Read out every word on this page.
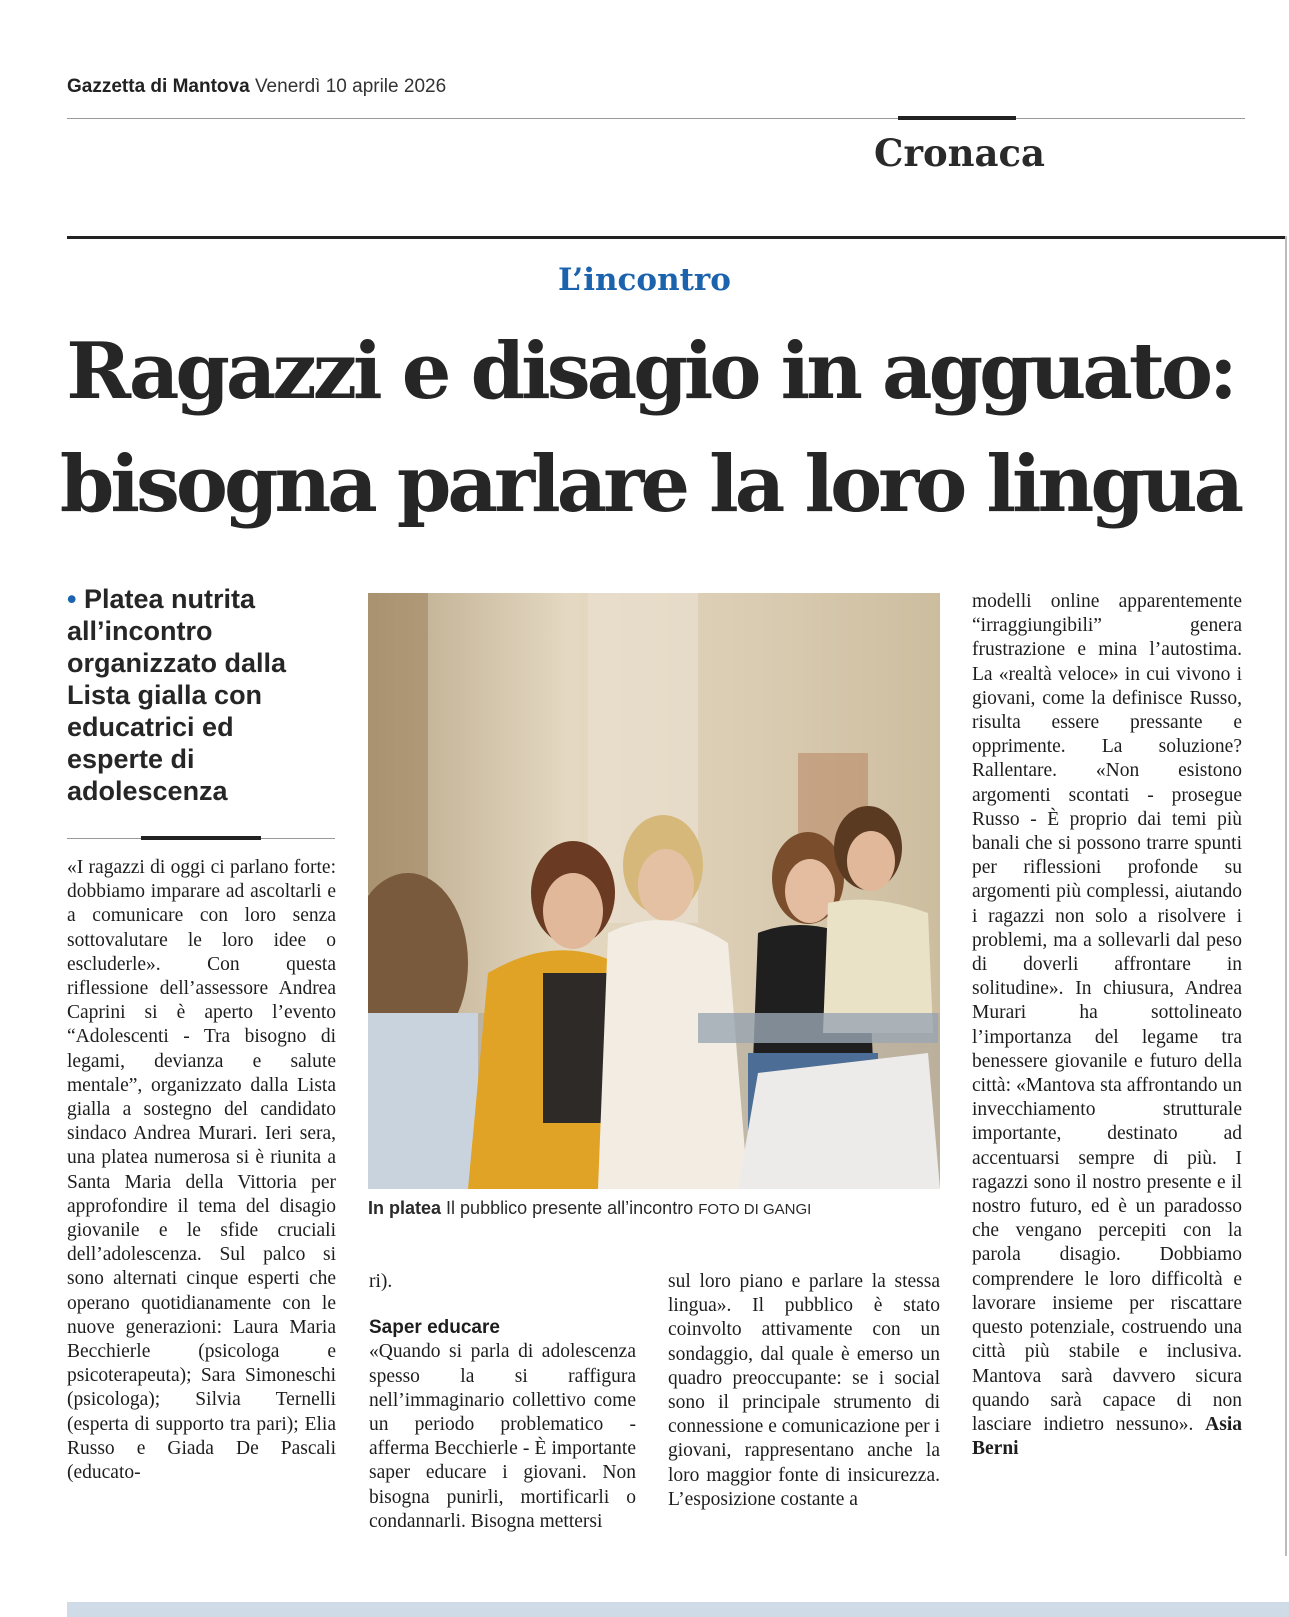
Gazzetta di Mantova Venerdì 10 aprile 2026
Cronaca
L’incontro
Ragazzi e disagio in agguato:
bisogna parlare la loro lingua
• Platea nutrita all’incontro organizzato dalla Lista gialla con educatrici ed esperte di adolescenza
«I ragazzi di oggi ci parlano forte: dobbiamo imparare ad ascoltarli e a comunicare con loro senza sottovalutare le loro idee o escluderle». Con questa riflessione dell’assessore Andrea Caprini si è aperto l’evento “Adolescenti - Tra bisogno di legami, devianza e salute mentale”, organizzato dalla Lista gialla a sostegno del candidato sindaco Andrea Murari. Ieri sera, una platea numerosa si è riunita a Santa Maria della Vittoria per approfondire il tema del disagio giovanile e le sfide cruciali dell’adolescenza. Sul palco si sono alternati cinque esperti che operano quotidianamente con le nuove generazioni: Laura Maria Becchierle (psicologa e psicoterapeuta); Sara Simoneschi (psicologa); Silvia Ternelli (esperta di supporto tra pari); Elia Russo e Giada De Pascali (educato-
In platea Il pubblico presente all’incontro FOTO DI GANGI
ri).
Saper educare
«Quando si parla di adolescenza spesso la si raffigura nell’immaginario collettivo come un periodo problematico - afferma Becchierle - È importante saper educare i giovani. Non bisogna punirli, mortificarli o condannarli. Bisogna mettersi
sul loro piano e parlare la stessa lingua». Il pubblico è stato coinvolto attivamente con un sondaggio, dal quale è emerso un quadro preoccupante: se i social sono il principale strumento di connessione e comunicazione per i giovani, rappresentano anche la loro maggior fonte di insicurezza. L’esposizione costante a
modelli online apparentemente “irraggiungibili” genera frustrazione e mina l’autostima. La «realtà veloce» in cui vivono i giovani, come la definisce Russo, risulta essere pressante e opprimente. La soluzione? Rallentare. «Non esistono argomenti scontati - prosegue Russo - È proprio dai temi più banali che si possono trarre spunti per riflessioni profonde su argomenti più complessi, aiutando i ragazzi non solo a risolvere i problemi, ma a sollevarli dal peso di doverli affrontare in solitudine». In chiusura, Andrea Murari ha sottolineato l’importanza del legame tra benessere giovanile e futuro della città: «Mantova sta affrontando un invecchiamento strutturale importante, destinato ad accentuarsi sempre di più. I ragazzi sono il nostro presente e il nostro futuro, ed è un paradosso che vengano percepiti con la parola disagio. Dobbiamo comprendere le loro difficoltà e lavorare insieme per riscattare questo potenziale, costruendo una città più stabile e inclusiva. Mantova sarà davvero sicura quando sarà capace di non lasciare indietro nessuno». Asia Berni
